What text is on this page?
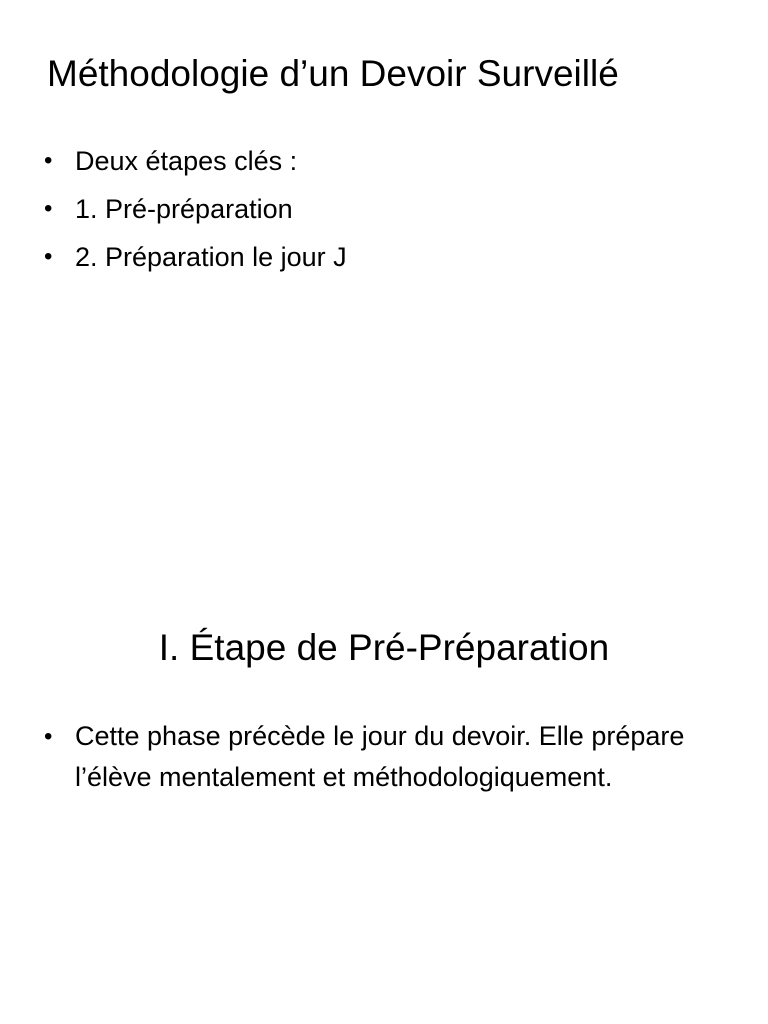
Méthodologie d’un Devoir Surveillé
• Deux étapes clés :
• 1. Pré-préparation
• 2. Préparation le jour J
I. Étape de Pré-Préparation
• Cette phase précède le jour du devoir. Elle prépare l’élève mentalement et méthodologiquement.
